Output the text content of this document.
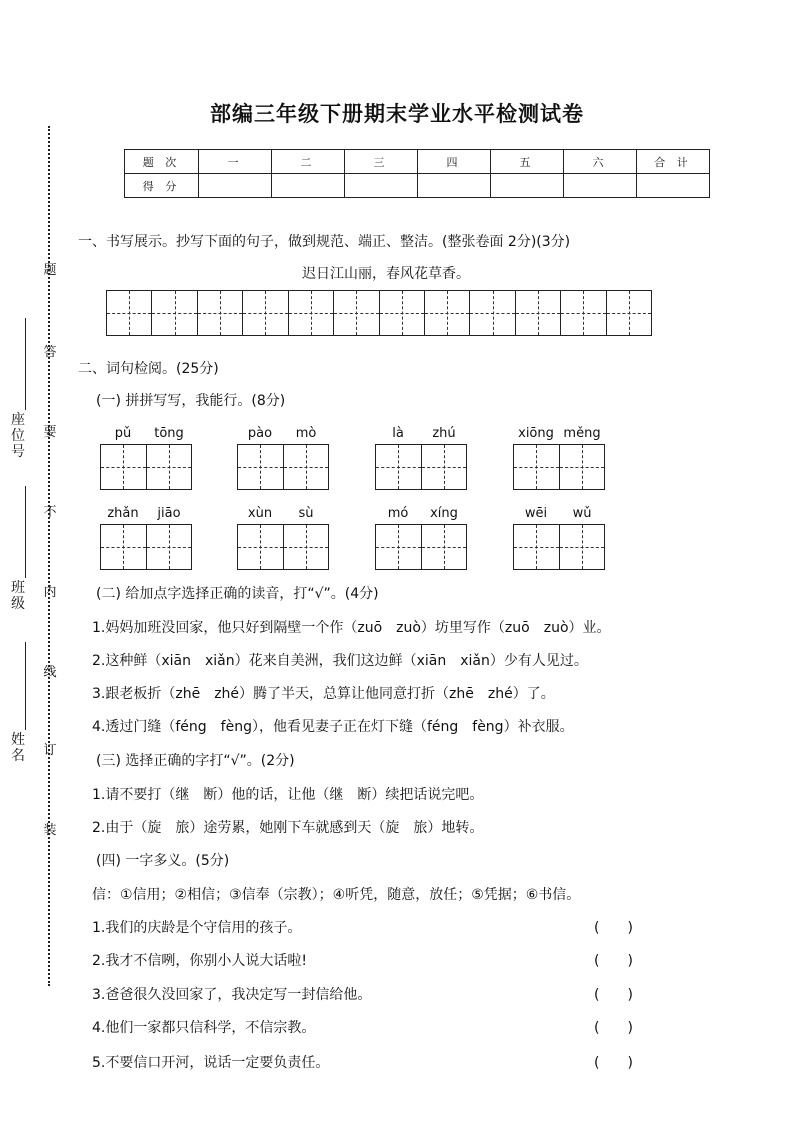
题
答
要
不
内
线
订
装
座位号
班级
姓名
部编三年级下册期末学业水平检测试卷
题 次	一	二	三	四	五	六	合 计
得 分							
一、书写展示。抄写下面的句子，做到规范、端正、整洁。(整张卷面 2分)(3分)
迟日江山丽，春风花草香。
二、词句检阅。(25分)
(一) 拼拼写写，我能行。(8分)
pǔ	tōng	pào	mò	là	zhú	xiōng měng
zhǎn	jiāo	xùn	sù	mó	xíng	wēi	wǔ
(二) 给加点字选择正确的读音，打“√”。(4分)
1.妈妈加班没回家，他只好到隔壁一个作（zuō　zuò）坊里写作（zuō　zuò）业。
2.这种鲜（xiān　xiǎn）花来自美洲，我们这边鲜（xiān　xiǎn）少有人见过。
3.跟老板折（zhē　zhé）腾了半天，总算让他同意打折（zhē　zhé）了。
4.透过门缝（féng　fèng），他看见妻子正在灯下缝（féng　fèng）补衣服。
(三) 选择正确的字打“√”。(2分)
1.请不要打（继　断）他的话，让他（继　断）续把话说完吧。
2.由于（旋　旅）途劳累，她刚下车就感到天（旋　旅）地转。
(四) 一字多义。(5分)
信：①信用；②相信；③信奉（宗教）；④听凭，随意，放任；⑤凭据；⑥书信。
1.我们的庆龄是个守信用的孩子。	(　　)
2.我才不信咧，你别小人说大话啦!	(　　)
3.爸爸很久没回家了，我决定写一封信给他。	(　　)
4.他们一家都只信科学，不信宗教。	(　　)
5.不要信口开河，说话一定要负责任。	(　　)
